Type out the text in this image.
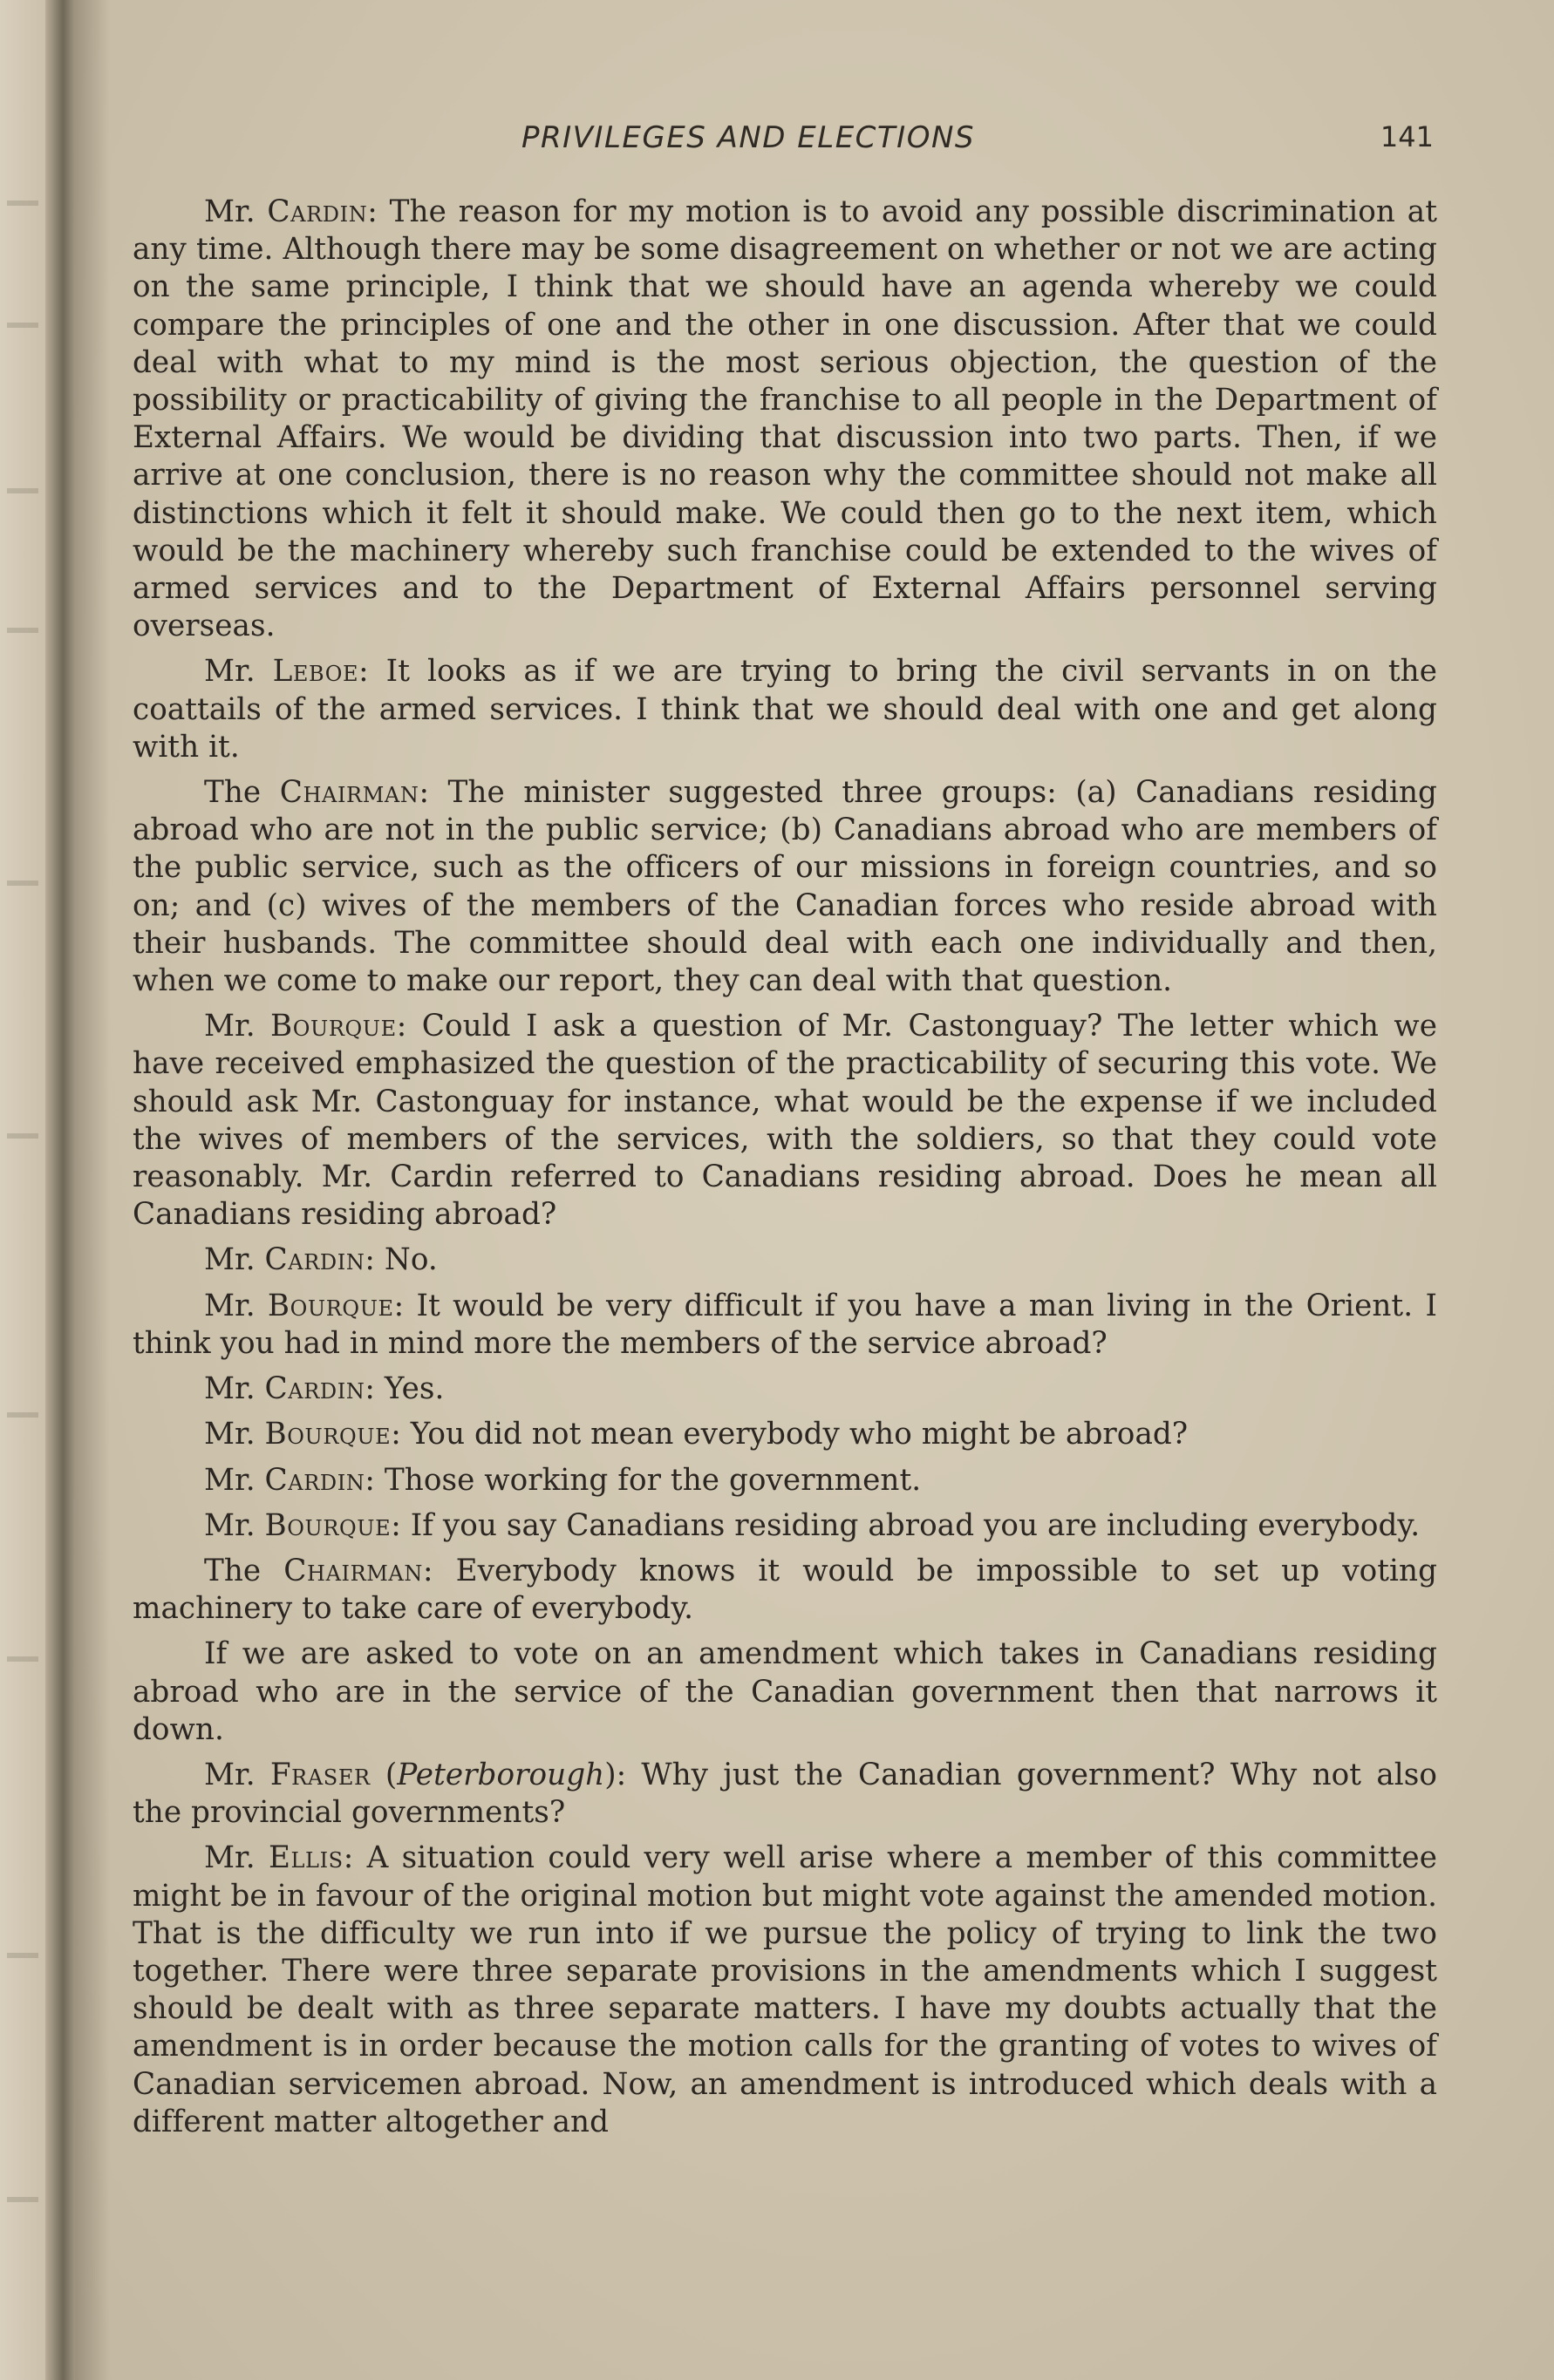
PRIVILEGES AND ELECTIONS	141

Mr. Cardin: The reason for my motion is to avoid any possible discrimination at any time. Although there may be some disagreement on whether or not we are acting on the same principle, I think that we should have an agenda whereby we could compare the principles of one and the other in one discussion. After that we could deal with what to my mind is the most serious objection, the question of the possibility or practicability of giving the franchise to all people in the Department of External Affairs. We would be dividing that discussion into two parts. Then, if we arrive at one conclusion, there is no reason why the committee should not make all distinctions which it felt it should make. We could then go to the next item, which would be the machinery whereby such franchise could be extended to the wives of armed services and to the Department of External Affairs personnel serving overseas.

Mr. Leboe: It looks as if we are trying to bring the civil servants in on the coattails of the armed services. I think that we should deal with one and get along with it.

The Chairman: The minister suggested three groups: (a) Canadians residing abroad who are not in the public service; (b) Canadians abroad who are members of the public service, such as the officers of our missions in foreign countries, and so on; and (c) wives of the members of the Canadian forces who reside abroad with their husbands. The committee should deal with each one individually and then, when we come to make our report, they can deal with that question.

Mr. Bourque: Could I ask a question of Mr. Castonguay? The letter which we have received emphasized the question of the practicability of securing this vote. We should ask Mr. Castonguay for instance, what would be the expense if we included the wives of members of the services, with the soldiers, so that they could vote reasonably. Mr. Cardin referred to Canadians residing abroad. Does he mean all Canadians residing abroad?

Mr. Cardin: No.

Mr. Bourque: It would be very difficult if you have a man living in the Orient. I think you had in mind more the members of the service abroad?

Mr. Cardin: Yes.

Mr. Bourque: You did not mean everybody who might be abroad?

Mr. Cardin: Those working for the government.

Mr. Bourque: If you say Canadians residing abroad you are including everybody.

The Chairman: Everybody knows it would be impossible to set up voting machinery to take care of everybody.

If we are asked to vote on an amendment which takes in Canadians residing abroad who are in the service of the Canadian government then that narrows it down.

Mr. Fraser (Peterborough): Why just the Canadian government? Why not also the provincial governments?

Mr. Ellis: A situation could very well arise where a member of this committee might be in favour of the original motion but might vote against the amended motion. That is the difficulty we run into if we pursue the policy of trying to link the two together. There were three separate provisions in the amendments which I suggest should be dealt with as three separate matters. I have my doubts actually that the amendment is in order because the motion calls for the granting of votes to wives of Canadian servicemen abroad. Now, an amendment is introduced which deals with a different matter altogether and
